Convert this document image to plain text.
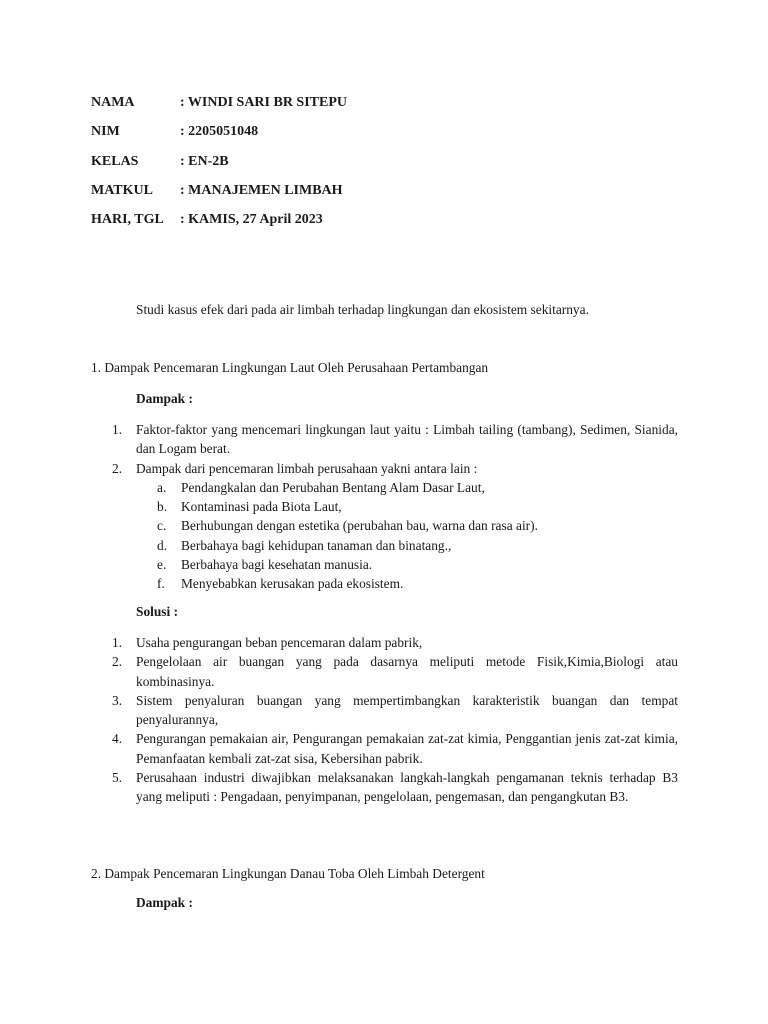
NAMA	: WINDI SARI BR SITEPU
NIM	: 2205051048
KELAS	: EN-2B
MATKUL	: MANAJEMEN LIMBAH
HARI, TGL	: KAMIS, 27 April 2023
Studi kasus efek dari pada air limbah terhadap lingkungan dan ekosistem sekitarnya.
1. Dampak Pencemaran Lingkungan Laut Oleh Perusahaan Pertambangan
Dampak :
1.	Faktor-faktor yang mencemari lingkungan laut yaitu : Limbah tailing (tambang), Sedimen, Sianida, dan Logam berat.
2.	Dampak dari pencemaran limbah perusahaan yakni antara lain :
a.	Pendangkalan dan Perubahan Bentang Alam Dasar Laut,
b.	Kontaminasi pada Biota Laut,
c.	Berhubungan dengan estetika (perubahan bau, warna dan rasa air).
d.	Berbahaya bagi kehidupan tanaman dan binatang.,
e.	Berbahaya bagi kesehatan manusia.
f.	Menyebabkan kerusakan pada ekosistem.
Solusi :
1.	Usaha pengurangan beban pencemaran dalam pabrik,
2.	Pengelolaan air buangan yang pada dasarnya meliputi metode Fisik,Kimia,Biologi atau kombinasinya.
3.	Sistem penyaluran buangan yang mempertimbangkan karakteristik buangan dan tempat penyalurannya,
4.	Pengurangan pemakaian air, Pengurangan pemakaian zat-zat kimia, Penggantian jenis zat-zat kimia, Pemanfaatan kembali zat-zat sisa, Kebersihan pabrik.
5.	Perusahaan industri diwajibkan melaksanakan langkah-langkah pengamanan teknis terhadap B3 yang meliputi : Pengadaan, penyimpanan, pengelolaan, pengemasan, dan pengangkutan B3.
2. Dampak Pencemaran Lingkungan Danau Toba Oleh Limbah Detergent
Dampak :
